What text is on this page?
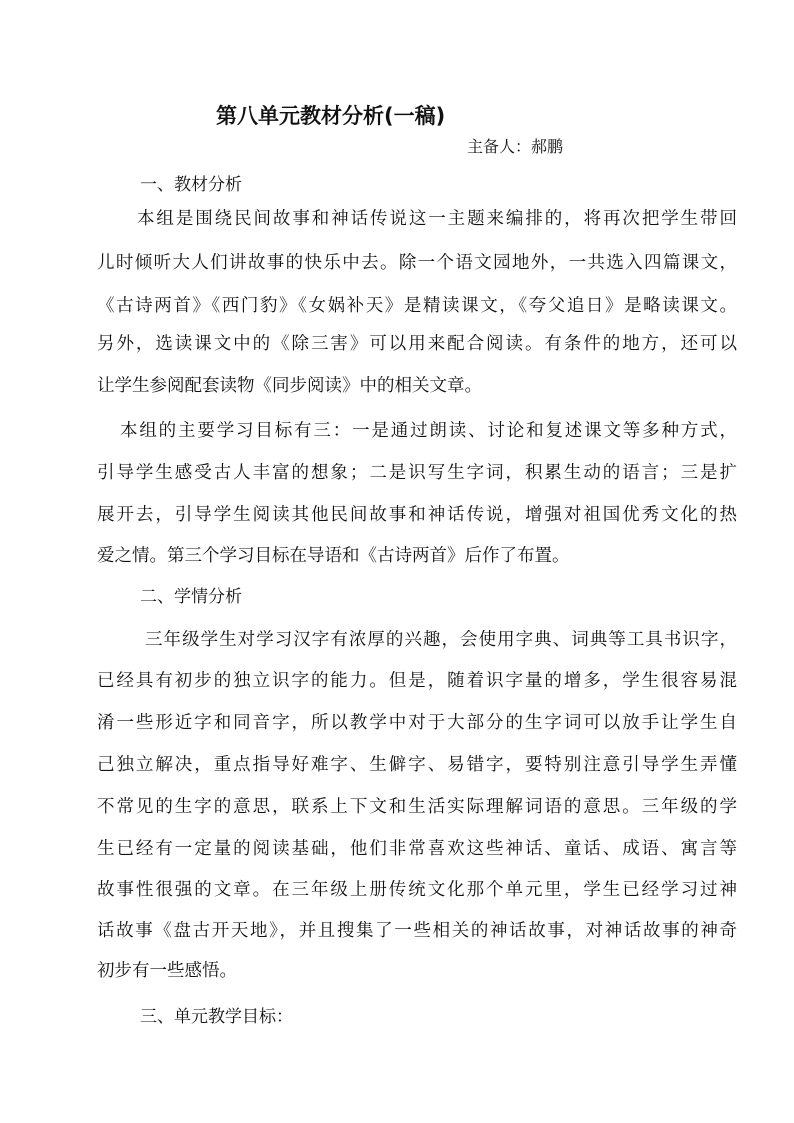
第八单元教材分析(一稿)
主备人：郝鹏
一、教材分析
本组是围绕民间故事和神话传说这一主题来编排的，将再次把学生带回
儿时倾听大人们讲故事的快乐中去。除一个语文园地外，一共选入四篇课文，
《古诗两首》《西门豹》《女娲补天》是精读课文，《夸父追日》是略读课文。
另外，选读课文中的《除三害》可以用来配合阅读。有条件的地方，还可以
让学生参阅配套读物《同步阅读》中的相关文章。
本组的主要学习目标有三：一是通过朗读、讨论和复述课文等多种方式，
引导学生感受古人丰富的想象；二是识写生字词，积累生动的语言；三是扩
展开去，引导学生阅读其他民间故事和神话传说，增强对祖国优秀文化的热
爱之情。第三个学习目标在导语和《古诗两首》后作了布置。
二、学情分析
三年级学生对学习汉字有浓厚的兴趣，会使用字典、词典等工具书识字，
已经具有初步的独立识字的能力。但是，随着识字量的增多，学生很容易混
淆一些形近字和同音字，所以教学中对于大部分的生字词可以放手让学生自
己独立解决，重点指导好难字、生僻字、易错字，要特别注意引导学生弄懂
不常见的生字的意思，联系上下文和生活实际理解词语的意思。三年级的学
生已经有一定量的阅读基础，他们非常喜欢这些神话、童话、成语、寓言等
故事性很强的文章。在三年级上册传统文化那个单元里，学生已经学习过神
话故事《盘古开天地》，并且搜集了一些相关的神话故事，对神话故事的神奇
初步有一些感悟。
三、单元教学目标：
